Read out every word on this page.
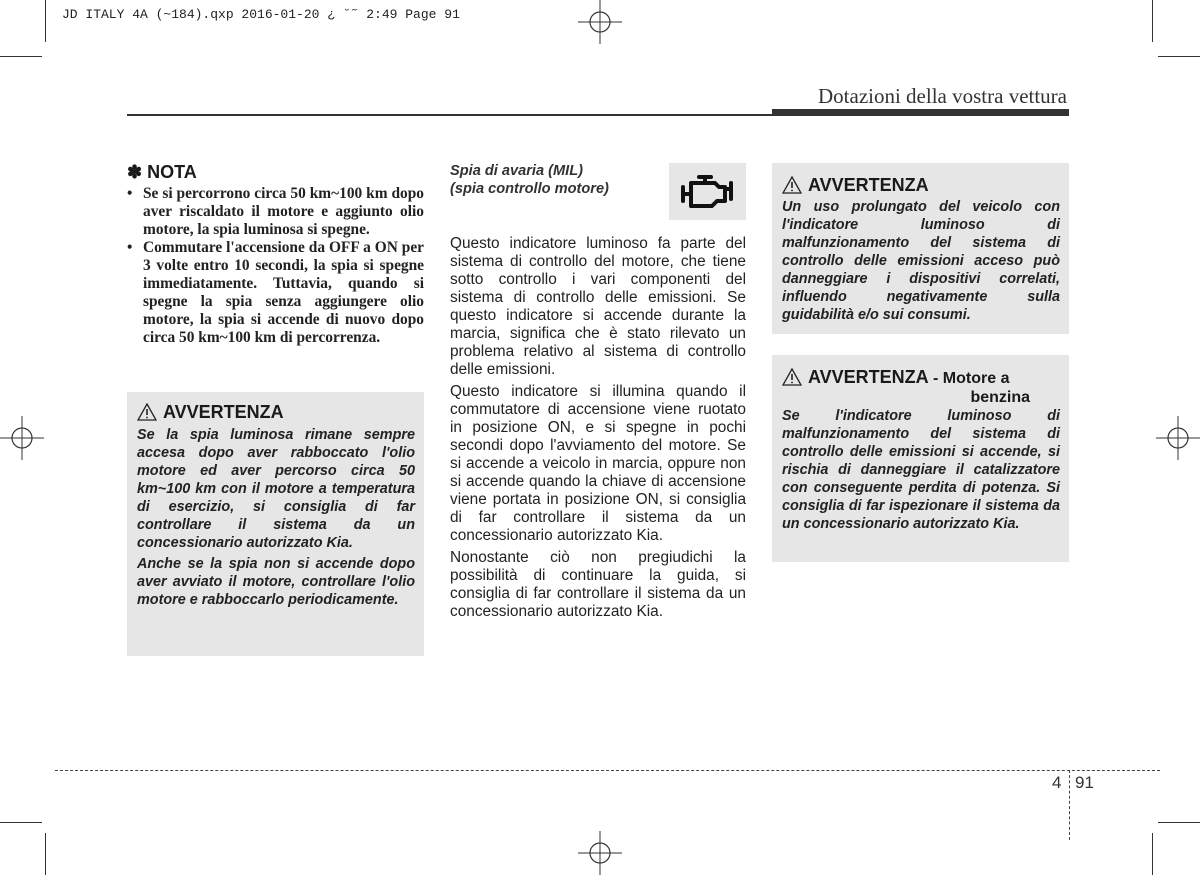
JD ITALY 4A (~184).qxp 2016-01-20 ¿ ˘˜ 2:49 Page 91
Dotazioni della vostra vettura
✽ NOTA
• Se si percorrono circa 50 km~100 km dopo aver riscaldato il motore e aggiunto olio motore, la spia luminosa si spegne.
• Commutare l'accensione da OFF a ON per 3 volte entro 10 secondi, la spia si spegne immediatamente. Tuttavia, quando si spegne la spia senza aggiungere olio motore, la spia si accende di nuovo dopo circa 50 km~100 km di percorrenza.
AVVERTENZA

Se la spia luminosa rimane sempre accesa dopo aver rabboccato l'olio motore ed aver percorso circa 50 km~100 km con il motore a temperatura di esercizio, si consiglia di far controllare il sistema da un concessionario autorizzato Kia.

Anche se la spia non si accende dopo aver avviato il motore, controllare l'olio motore e rabboccarlo periodicamente.

Spia di avaria (MIL)
(spia controllo motore)

Questo indicatore luminoso fa parte del sistema di controllo del motore, che tiene sotto controllo i vari componenti del sistema di controllo delle emissioni. Se questo indicatore si accende durante la marcia, significa che è stato rilevato un problema relativo al sistema di controllo delle emissioni.

Questo indicatore si illumina quando il commutatore di accensione viene ruotato in posizione ON, e si spegne in pochi secondi dopo l'avviamento del motore. Se si accende a veicolo in marcia, oppure non si accende quando la chiave di accensione viene portata in posizione ON, si consiglia di far controllare il sistema da un concessionario autorizzato Kia.

Nonostante ciò non pregiudichi la possibilità di continuare la guida, si consiglia di far controllare il sistema da un concessionario autorizzato Kia.

AVVERTENZA

Un uso prolungato del veicolo con l'indicatore luminoso di malfunzionamento del sistema di controllo delle emissioni acceso può danneggiare i dispositivi correlati, influendo negativamente sulla guidabilità e/o sui consumi.

AVVERTENZA - Motore a
benzina

Se l'indicatore luminoso di malfunzionamento del sistema di controllo delle emissioni si accende, si rischia di danneggiare il catalizzatore con conseguente perdita di potenza. Si consiglia di far ispezionare il sistema da un concessionario autorizzato Kia.

4 91
